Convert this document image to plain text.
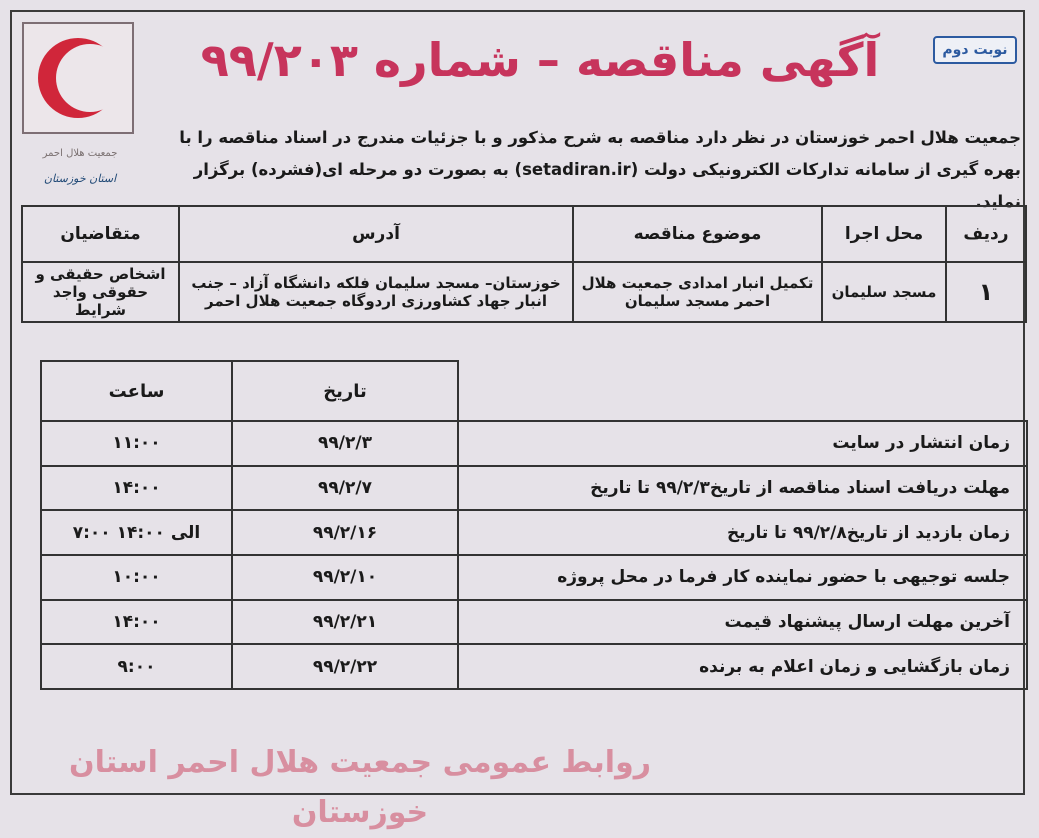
جمعیت هلال احمر
استان خوزستان
نوبت دوم
آگهی مناقصه – شماره ۹۹/۲۰۳
جمعیت هلال احمر خوزستان در نظر دارد مناقصه به شرح مذکور و با جزئیات مندرج در اسناد مناقصه را با بهره گیری از سامانه تدارکات الکترونیکی دولت (setadiran.ir) به بصورت دو مرحله ای(فشرده) برگزار نماید.
ردیف	محل اجرا	موضوع مناقصه	آدرس	متقاضیان
۱	مسجد سلیمان	تکمیل انبار امدادی جمعیت هلال احمر مسجد سلیمان	خوزستان– مسجد سلیمان فلکه دانشگاه آزاد – جنب انبار جهاد کشاورزی اردوگاه جمعیت هلال احمر	اشخاص حقیقی و حقوقی واجد شرایط
	تاریخ	ساعت
زمان انتشار در سایت	۹۹/۲/۳	۱۱:۰۰
مهلت دریافت اسناد مناقصه از تاریخ۹۹/۲/۳ تا تاریخ	۹۹/۲/۷	۱۴:۰۰
زمان بازدید از تاریخ۹۹/۲/۸ تا تاریخ	۹۹/۲/۱۶	۷:۰۰ الی ۱۴:۰۰
جلسه توجیهی با حضور نماینده کار فرما در محل پروژه	۹۹/۲/۱۰	۱۰:۰۰
آخرین مهلت ارسال پیشنهاد قیمت	۹۹/۲/۲۱	۱۴:۰۰
زمان بازگشایی و زمان اعلام به برنده	۹۹/۲/۲۲	۹:۰۰
روابط عمومی جمعیت هلال احمر استان خوزستان
